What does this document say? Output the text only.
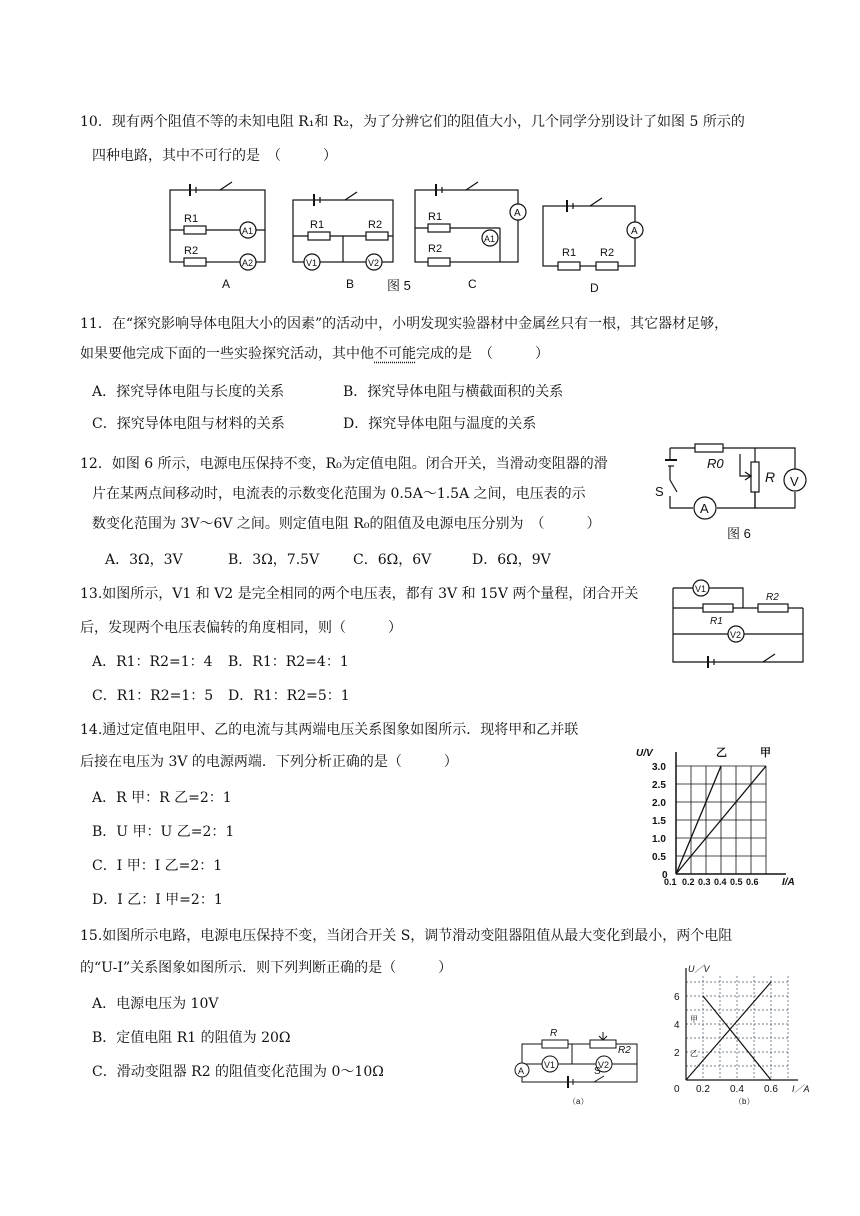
10．现有两个阻值不等的未知电阻 R₁和 R₂，为了分辨它们的阻值大小，几个同学分别设计了如图 5 所示的
四种电路，其中不可行的是　（　　　）
R1
R2
A1
A2
A
R1	R2
V1	V2
B	图 5
R1
R2
A1
A
C
R1 R2
A
D
11．在“探究影响导体电阻大小的因素”的活动中，小明发现实验器材中金属丝只有一根，其它器材足够，
如果要他完成下面的一些实验探究活动，其中他不可能完成的是　（　　　）
A．探究导体电阻与长度的关系	B．探究导体电阻与横截面积的关系
C．探究导体电阻与材料的关系	D．探究导体电阻与温度的关系
12．如图 6 所示，电源电压保持不变，R₀为定值电阻。闭合开关，当滑动变阻器的滑
片在某两点间移动时，电流表的示数变化范围为 0.5A～1.5A 之间，电压表的示
数变化范围为 3V～6V 之间。则定值电阻 R₀的阻值及电源电压分别为　（　　　）
A．3Ω，3V	B．3Ω，7.5V C．6Ω，6V	D．6Ω，9V
R0
R V
A
S
图 6
13.如图所示，V1 和 V2 是完全相同的两个电压表，都有 3V 和 15V 两个量程，闭合开关
后，发现两个电压表偏转的角度相同，则（　　　）
A．R1：R2=1：4 B．R1：R2=4：1
C．R1：R2=1：5 D．R1：R2=5：1
V1
V2
R1
R2
14.通过定值电阻甲、乙的电流与其两端电压关系图象如图所示．现将甲和乙并联
后接在电压为 3V 的电源两端．下列分析正确的是（　　　）
A．R 甲：R 乙=2：1
B．U 甲：U 乙=2：1
C．I 甲：I 乙=2：1
D．I 乙：I 甲=2：1
3.0
2.5
2.0
1.5
1.0
0.5
0
0.1 0.2 0.3 0.4 0.5 0.6
U/V
I/A
乙	甲
15.如图所示电路，电源电压保持不变，当闭合开关 S，调节滑动变阻器阻值从最大变化到最小，两个电阻
的“U-I”关系图象如图所示．则下列判断正确的是（　　　）
A．电源电压为 10V
B．定值电阻 R1 的阻值为 20Ω
C．滑动变阻器 R2 的阻值变化范围为 0～10Ω
R
R2
V1	V2
A	S
（a）
6
4
2
0 0.2 0.4 0.6
U／V
I／A
甲
乙
（b）
